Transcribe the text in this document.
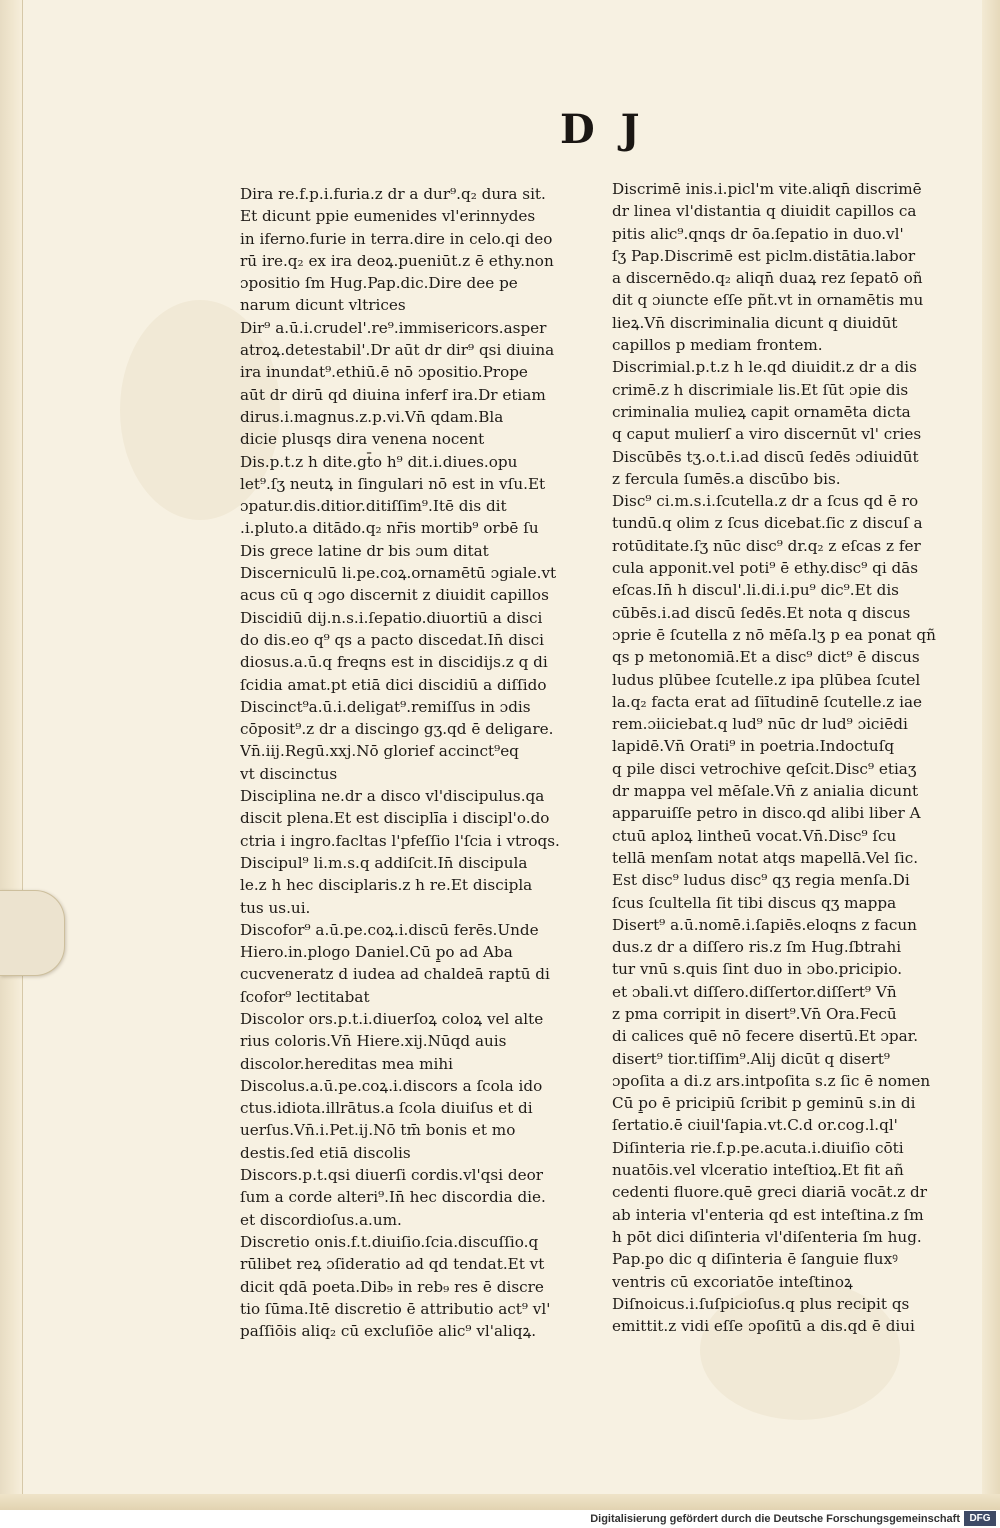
D J
Dira re.f.p.i.furia.z dr a dur⁹.q₂ dura sit.
Et dicunt ppie eumenides vl'erinnydes
in iferno.furie in terra.dire in celo.qi deo
rū ire.q₂ ex ira deoꝝ.pueniūt.z ē ethy.non
ɔpositio ſm Hug.Pap.dic.Dire dee pe
narum dicunt vltrices
Dir⁹ a.ū.i.crudel'.re⁹.immisericors.asper
atroꝝ.detestabil'.Dr aūt dr dir⁹ qsi diuina
ira inundat⁹.ethiū.ē nō ɔpositio.Prope
aūt dr dirū qd diuina inferf ira.Dr etiam
dirus.i.magnus.z.p.vi.Vn̄ qdam.Bla
dicie plusqs dira venena nocent
Dis.p.t.z h dite.gt̄o h⁹ dit.i.diues.opu
let⁹.ſʒ neutꝝ in ſingulari nō est in vſu.Et
ɔpatur.dis.ditior.ditiſſim⁹.Itē dis dit
.i.pluto.a ditādo.q₂ nr̄is mortib⁹ orbē ſu
Dis grece latine dr bis ɔum ditat
Discerniculū li.pe.coꝝ.ornamētū ɔgiale.vt
acus cū q ɔgo discernit z diuidit capillos
Discidiū dij.n.s.i.ſepatio.diuortiū a disci
do dis.eo q⁹ qs a pacto discedat.In̄ disci
diosus.a.ū.q freqns est in discidijs.z q di
ſcidia amat.pt etiā dici discidiū a diſſido
Discinct⁹a.ū.i.deligat⁹.remiſſus in ɔdis
cōposit⁹.z dr a discingo gʒ.qd ē deligare.
Vn̄.iij.Regū.xxj.Nō glorief accinct⁹eq
vt discinctus
Disciplina ne.dr a disco vl'discipulus.qa
discit plena.Et est disciplīa i discipl'o.do
ctria i ingro.facltas l'pfeſſio l'ſcia i vtroqs.
Discipul⁹ li.m.s.q addiſcit.In̄ discipula
le.z h hec disciplaris.z h re.Et discipla
tus us.ui.
Discofor⁹ a.ū.pe.coꝝ.i.discū ferēs.Unde
Hiero.in.plogo Daniel.Cū p̱o ad Aba
cucveneratz d iudea ad chaldeā raptū di
ſcofor⁹ lectitabat
Discolor ors.p.t.i.diuerſoꝝ coloꝝ vel alte
rius coloris.Vn̄ Hiere.xij.Nūqd auis
discolor.hereditas mea mihi
Discolus.a.ū.pe.coꝝ.i.discors a ſcola ido
ctus.idiota.illrātus.a ſcola diuiſus et di
uerſus.Vn̄.i.Pet.ij.Nō tm̄ bonis et mo
destis.ſed etiā discolis
Discors.p.t.qsi diuerſi cordis.vl'qsi deor
ſum a corde alteri⁹.In̄ hec discordia die.
et discordioſus.a.um.
Discretio onis.f.t.diuiſio.ſcia.discuſſio.q
rūlibet reꝝ ɔſideratio ad qd tendat.Et vt
dicit qdā poeta.Dib₉ in reb₉ res ē discre
tio ſūma.Itē discretio ē attributio act⁹ vl'
paſſiōis aliq₂ cū excluſiōe alic⁹ vl'aliqꝝ.
Discrimē inis.i.picl'm vite.aliqn̄ discrimē
dr linea vl'distantia q diuidit capillos ca
pitis alic⁹.qnqs dr ōa.ſepatio in duo.vl'
ſʒ Pap.Discrimē est piclm.distātia.labor
a discernēdo.q₂ aliqn̄ duaꝝ rez ſepatō oñ
dit q ɔiuncte eſſe pñt.vt in ornamētis mu
lieꝝ.Vn̄ discriminalia dicunt q diuidūt
capillos p mediam frontem.
Discrimial.p.t.z h le.qd diuidit.z dr a dis
crimē.z h discrimiale lis.Et ſūt ɔpie dis
criminalia mulieꝝ capit ornamēta dicta
q caput mulierſ a viro discernūt vl' cries
Discūbēs tʒ.o.t.i.ad discū ſedēs ɔdiuidūt
z fercula ſumēs.a discūbo bis.
Disc⁹ ci.m.s.i.ſcutella.z dr a ſcus qd ē ro
tundū.q olim z ſcus dicebat.ſic z discuſ a
rotūditate.ſʒ nūc disc⁹ dr.q₂ z eſcas z fer
cula apponit.vel poti⁹ ē ethy.disc⁹ qi dās
eſcas.In̄ h discul'.li.di.i.pu⁹ dic⁹.Et dis
cūbēs.i.ad discū ſedēs.Et nota q discus
ɔprie ē ſcutella z nō mēſa.lʒ p ea ponat qñ
qs p metonomiā.Et a disc⁹ dict⁹ ē discus
ludus plūbee ſcutelle.z ipa plūbea ſcutel
la.q₂ facta erat ad ſiītudinē ſcutelle.z iae
rem.ɔiiciebat.q lud⁹ nūc dr lud⁹ ɔiciēdi
lapidē.Vn̄ Orati⁹ in poetria.Indoctuſq
q pile disci vetrochive qeſcit.Disc⁹ etiaʒ
dr mappa vel mēſale.Vn̄ z anialia dicunt
apparuiſſe petro in disco.qd alibi liber A
ctuū aploꝝ lintheū vocat.Vn̄.Disc⁹ ſcu
tellā menſam notat atqs mapellā.Vel ſic.
Est disc⁹ ludus disc⁹ qʒ regia menſa.Di
ſcus ſcultella ſit tibi discus qʒ mappa
Disert⁹ a.ū.nomē.i.ſapiēs.eloqns z facun
dus.z dr a diſſero ris.z ſm Hug.ſbtrahi
tur vnū s.quis ſint duo in ɔbo.pricipio.
et ɔbali.vt diſſero.diſſertor.diſſert⁹ Vn̄
z pma corripit in disert⁹.Vn̄ Ora.Fecū
di calices quē nō fecere disertū.Et ɔpar.
disert⁹ tior.tiſſim⁹.Alij dicūt q disert⁹
ɔpoſita a di.z ars.intpoſita s.z ſic ē nomen
Cū p̱o ē pricipiū ſcribit p geminū s.in di
ſertatio.ē ciuil'ſapia.vt.C.d or.cog.l.ql'
Diſinteria rie.f.p.pe.acuta.i.diuiſio cōti
nuatōis.vel vlceratio inteſtioꝝ.Et fit añ
cedenti fluore.quē greci diariā vocāt.z dr
ab interia vl'enteria qd est inteſtina.z ſm
h pōt dici diſinteria vl'diſenteria ſm hug.
Pap.p̱o dic q diſinteria ē ſanguie fluxꝰ
ventris cū excoriatōe inteſtinoꝝ
Diſnoicus.i.ſuſpicioſus.q plus recipit qs
emittit.z vidi eſſe ɔpoſitū a dis.qd ē diui
Digitalisierung gefördert durch die Deutsche Forschungsgemeinschaft DFG
